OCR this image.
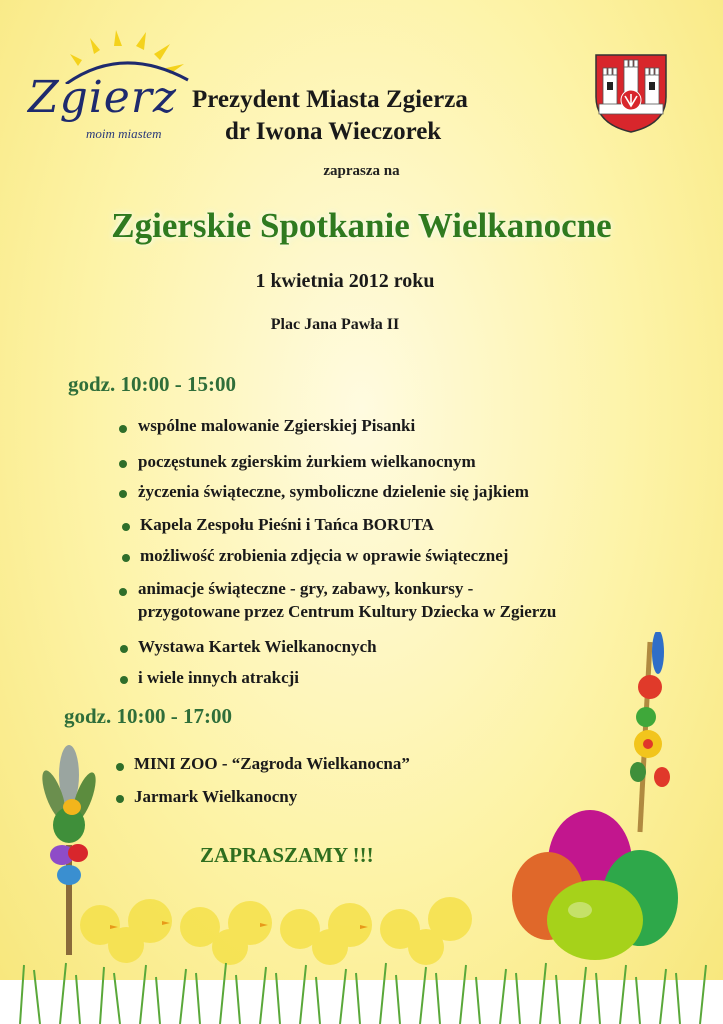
Zgierz
moim miastem
Prezydent Miasta Zgierza
dr Iwona Wieczorek
zaprasza na
Zgierskie Spotkanie Wielkanocne
1 kwietnia 2012 roku
Plac Jana Pawła II
godz. 10:00 - 15:00
wspólne malowanie Zgierskiej Pisanki
poczęstunek zgierskim żurkiem wielkanocnym
życzenia świąteczne, symboliczne dzielenie się jajkiem
Kapela Zespołu Pieśni i Tańca BORUTA
możliwość zrobienia zdjęcia w oprawie świątecznej
animacje świąteczne - gry, zabawy, konkursy -
przygotowane przez Centrum Kultury Dziecka w Zgierzu
Wystawa Kartek Wielkanocnych
i wiele innych atrakcji
godz. 10:00 - 17:00
MINI ZOO - “Zagroda Wielkanocna”
Jarmark Wielkanocny
ZAPRASZAMY !!!
